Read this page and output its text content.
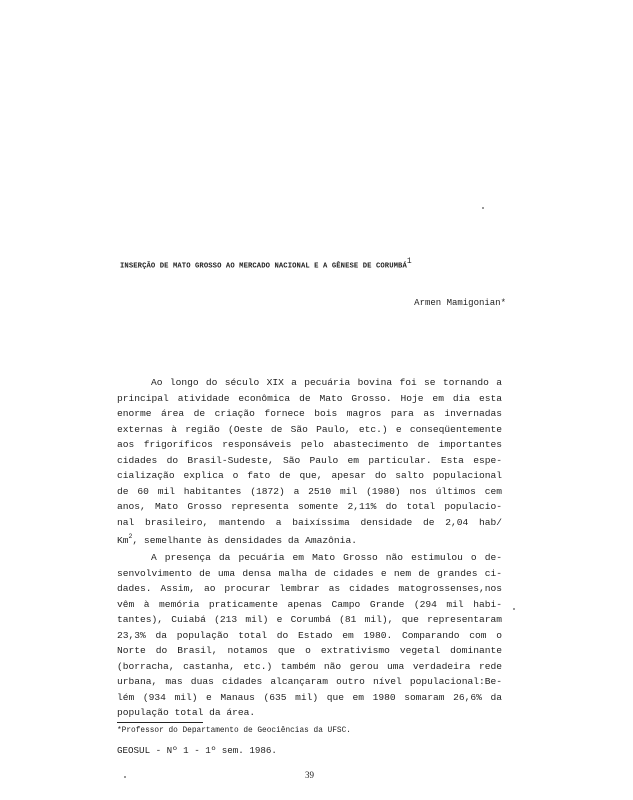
INSERÇÃO DE MATO GROSSO AO MERCADO NACIONAL E A GÊNESE DE CORUMBÁ$^1$
Armen Mamigonian*
Ao longo do século XIX a pecuária bovina foi se tornando a
principal atividade econômica de Mato Grosso. Hoje em dia esta
enorme área de criação fornece bois magros para as invernadas
externas à região (Oeste de São Paulo, etc.) e conseqüentemente
aos frigoríficos responsáveis pelo abastecimento de importantes
cidades do Brasil-Sudeste, São Paulo em particular. Esta espe-
cialização explica o fato de que, apesar do salto populacional
de 60 mil habitantes (1872) a 2510 mil (1980) nos últimos cem
anos, Mato Grosso representa somente 2,11% do total populacio-
nal brasileiro, mantendo a baixíssima densidade de 2,04 hab/
Km$^2$, semelhante às densidades da Amazônia.
A presença da pecuária em Mato Grosso não estimulou o de-
senvolvimento de uma densa malha de cidades e nem de grandes ci-
dades. Assim, ao procurar lembrar as cidades matogrossenses,nos
vêm à memória praticamente apenas Campo Grande (294 mil habi-
tantes), Cuiabá (213 mil) e Corumbá (81 mil), que representaram
23,3% da população total do Estado em 1980. Comparando com o
Norte do Brasil, notamos que o extrativismo vegetal dominante
(borracha, castanha, etc.) também não gerou uma verdadeira rede
urbana, mas duas cidades alcançaram outro nível populacional:Be-
lém (934 mil) e Manaus (635 mil) que em 1980 somaram 26,6% da
população total da área.
*Professor do Departamento de Geociências da UFSC.
GEOSUL - Nº 1 - 1º sem. 1986.
39
